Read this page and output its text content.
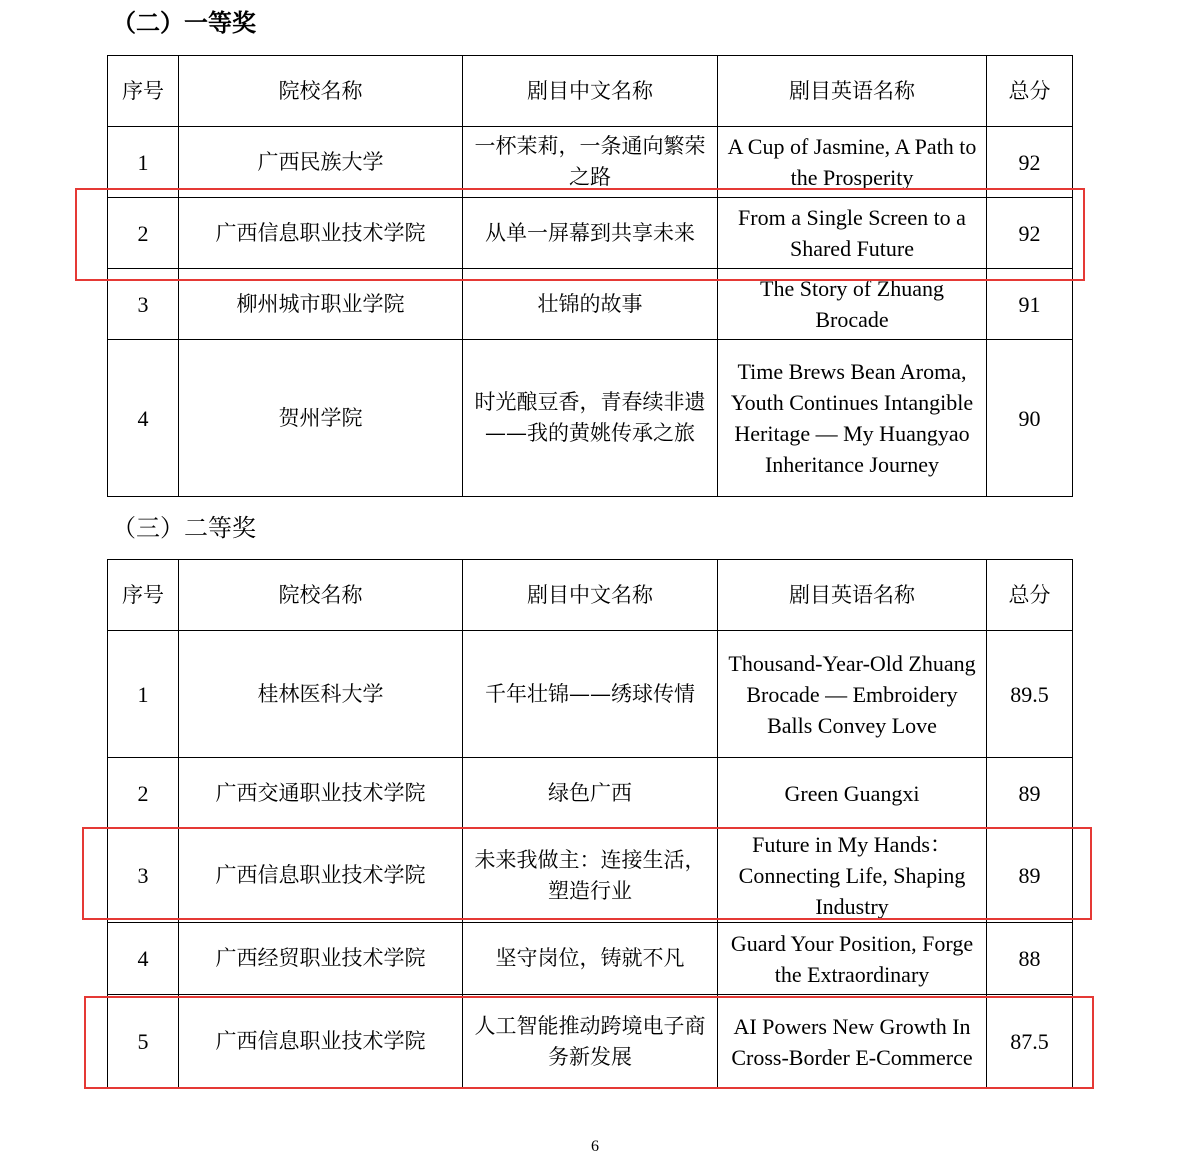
（二）一等奖
序号	院校名称	剧目中文名称	剧目英语名称	总分
1	广西民族大学	一杯茉莉，一条通向繁荣之路	A Cup of Jasmine, A Path to the Prosperity	92
2	广西信息职业技术学院	从单一屏幕到共享未来	From a Single Screen to a Shared Future	92
3	柳州城市职业学院	壮锦的故事	The Story of Zhuang Brocade	91
4	贺州学院	时光酿豆香，青春续非遗——我的黄姚传承之旅	Time Brews Bean Aroma, Youth Continues Intangible Heritage — My Huangyao Inheritance Journey	90
（三）二等奖
序号	院校名称	剧目中文名称	剧目英语名称	总分
1	桂林医科大学	千年壮锦——绣球传情	Thousand-Year-Old Zhuang Brocade — Embroidery Balls Convey Love	89.5
2	广西交通职业技术学院	绿色广西	Green Guangxi	89
3	广西信息职业技术学院	未来我做主：连接生活，塑造行业	Future in My Hands：Connecting Life, Shaping Industry	89
4	广西经贸职业技术学院	坚守岗位，铸就不凡	Guard Your Position, Forge the Extraordinary	88
5	广西信息职业技术学院	人工智能推动跨境电子商务新发展	AI Powers New Growth In Cross-Border E-Commerce	87.5
6
